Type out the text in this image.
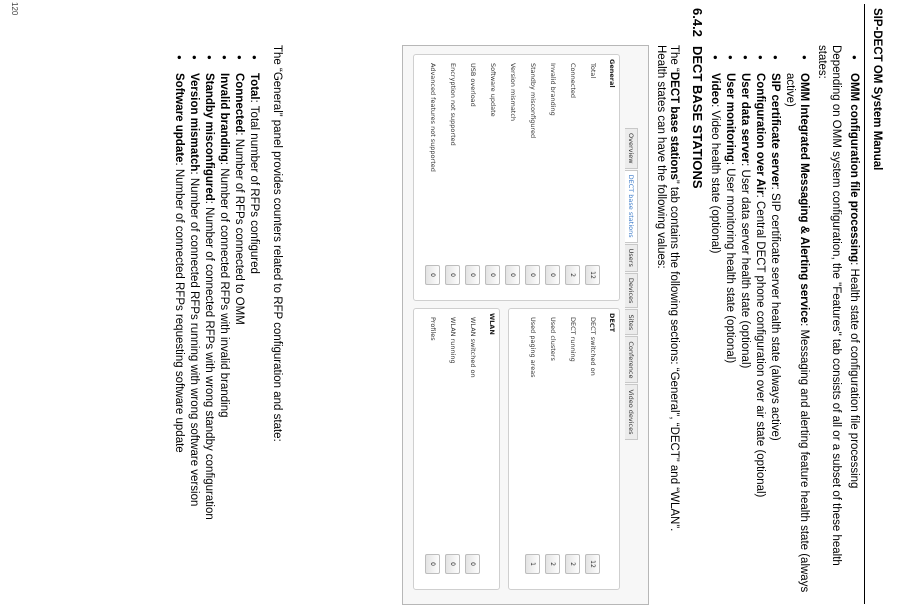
SIP-DECT OM System Manual
● OMM configuration file processing: Health state of configuration file processing
Depending on OMM system configuration, the "Features" tab consists of all or a subset of these health states:
● OMM Integrated Messaging & Alerting service: Messaging and alerting feature health state (always active)
● SIP certificate server: SIP certificate server health state (always active)
● Configuration over Air: Central DECT phone configuration over air state (optional)
● User data server: User data server health state (optional)
● User monitoring: User monitoring health state (optional)
● Video: Video health state (optional)
Health states can have the following values:
●
●
●
6.4.2DECT BASE STATIONS
The “DECT base stations” tab contains the following sections: “General”, “DECT” and “WLAN”.
Overview
DECT base stations
Users
Devices
Sites
Conference
Video devices
General
Total
12
Connected
2
Invalid branding
0
Standby misconfigured
0
Version mismatch
0
Software update
0
USB overload
0
Encryption not supported
0
Advanced features not supported
0
DECT
DECT switched on
12
DECT running
2
Used clusters
2
Used paging areas
1
WLAN
WLAN switched on
0
WLAN running
0
Profiles
0
The “General” panel provides counters related to RFP configuration and state:
● Total: Total number of RFPs configured
● Connected: Number of RFPs connected to OMM
● Invalid branding: Number of connected RFPs with invalid branding
● Standby misconfigured: Number of connected RFPs with wrong standby configuration
● Version mismatch: Number of connected RFPs running with wrong software version
● Software update: Number of connected RFPs requesting software update
120
